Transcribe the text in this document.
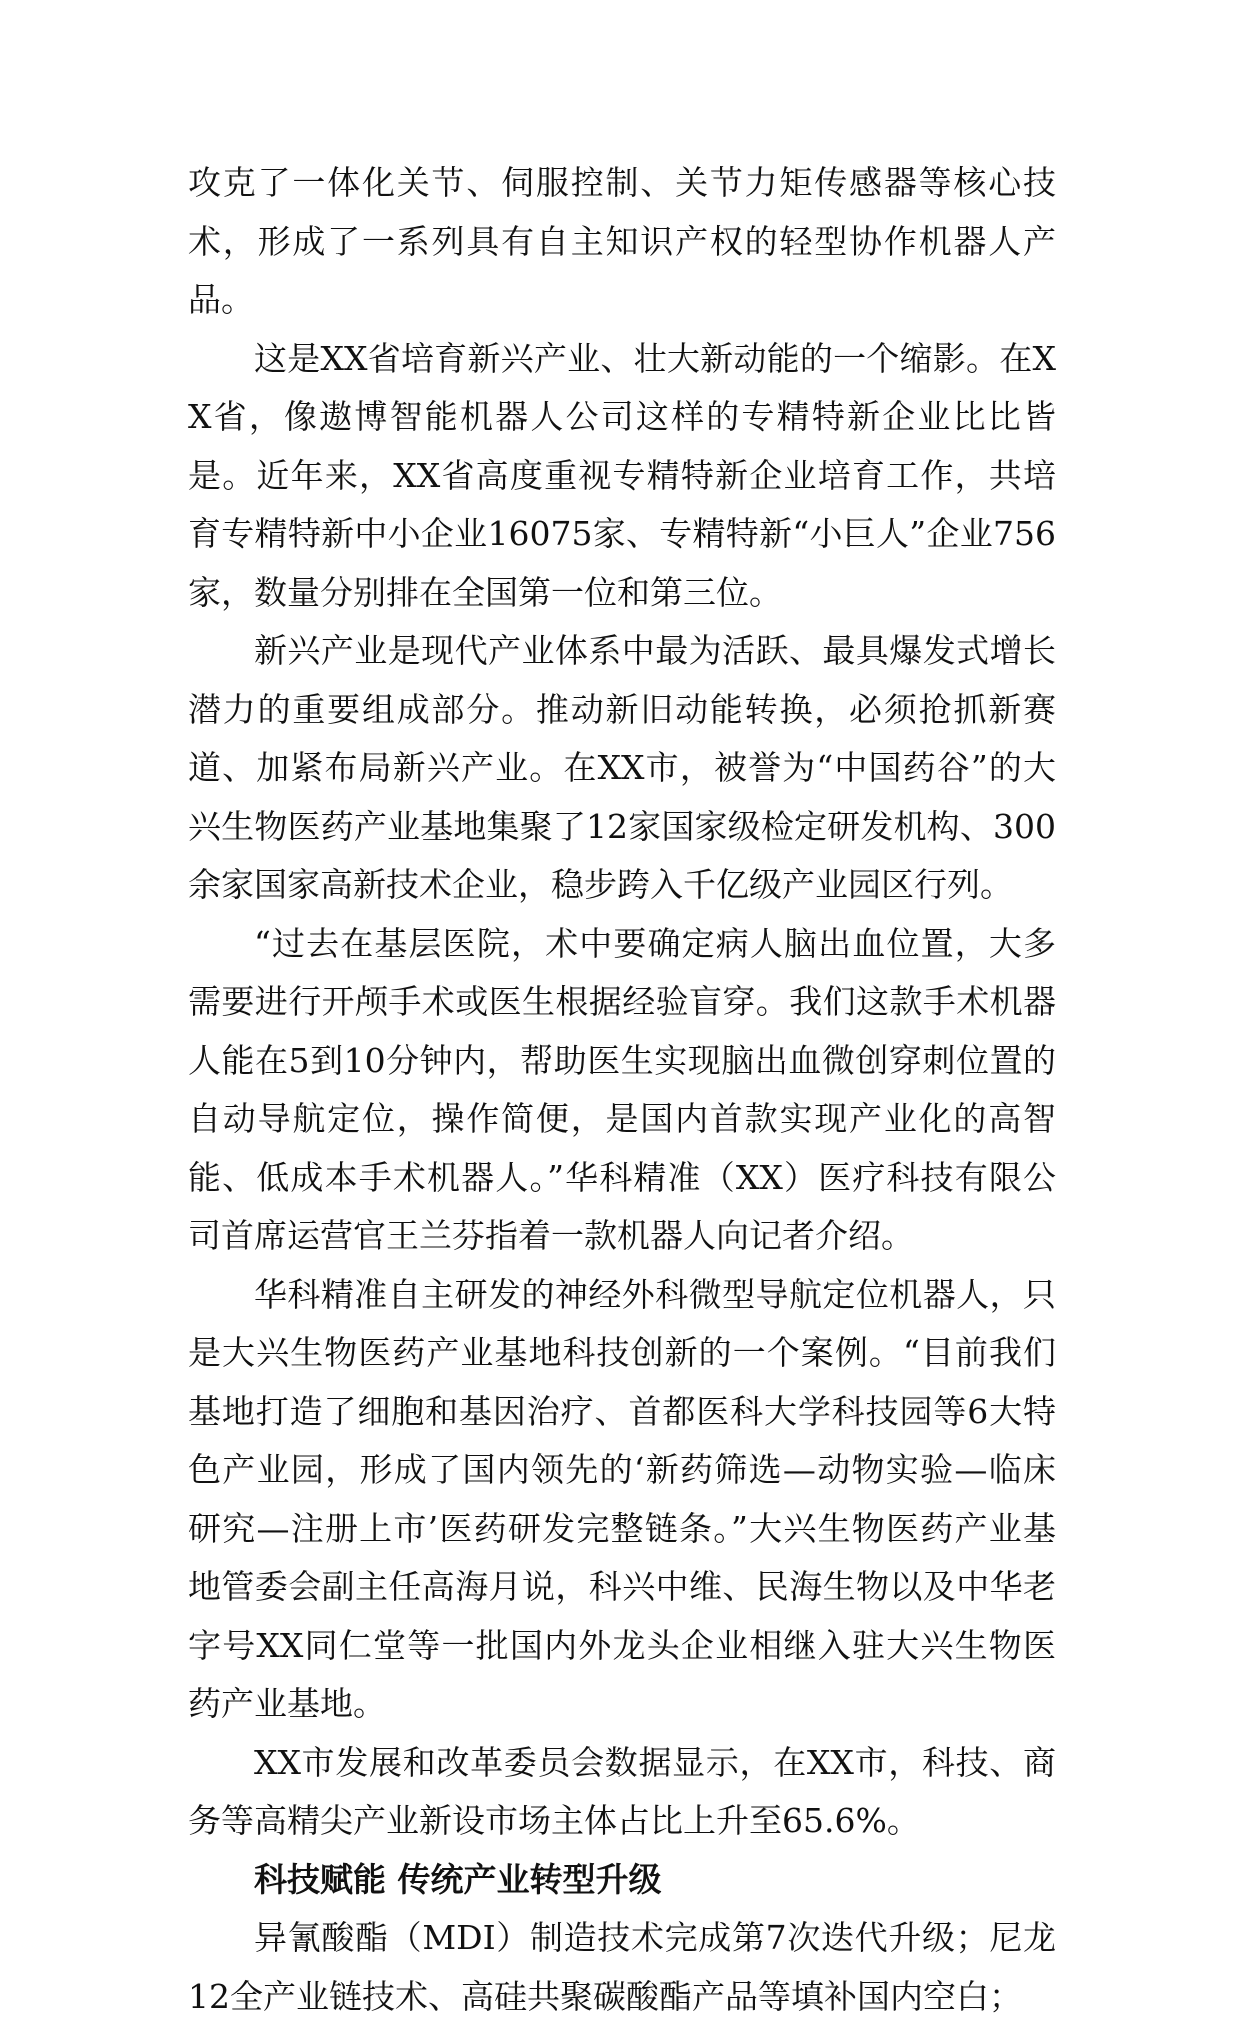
攻克了一体化关节、伺服控制、关节力矩传感器等核心技术，形成了一系列具有自主知识产权的轻型协作机器人产品。

这是XX省培育新兴产业、壮大新动能的一个缩影。在XX省，像遨博智能机器人公司这样的专精特新企业比比皆是。近年来，XX省高度重视专精特新企业培育工作，共培育专精特新中小企业16075家、专精特新“小巨人”企业756家，数量分别排在全国第一位和第三位。

新兴产业是现代产业体系中最为活跃、最具爆发式增长潜力的重要组成部分。推动新旧动能转换，必须抢抓新赛道、加紧布局新兴产业。在XX市，被誉为“中国药谷”的大兴生物医药产业基地集聚了12家国家级检定研发机构、300余家国家高新技术企业，稳步跨入千亿级产业园区行列。

“过去在基层医院，术中要确定病人脑出血位置，大多需要进行开颅手术或医生根据经验盲穿。我们这款手术机器人能在5到10分钟内，帮助医生实现脑出血微创穿刺位置的自动导航定位，操作简便，是国内首款实现产业化的高智能、低成本手术机器人。”华科精准（XX）医疗科技有限公司首席运营官王兰芬指着一款机器人向记者介绍。

华科精准自主研发的神经外科微型导航定位机器人，只是大兴生物医药产业基地科技创新的一个案例。“目前我们基地打造了细胞和基因治疗、首都医科大学科技园等6大特色产业园，形成了国内领先的‘新药筛选—动物实验—临床研究—注册上市’医药研发完整链条。”大兴生物医药产业基地管委会副主任高海月说，科兴中维、民海生物以及中华老字号XX同仁堂等一批国内外龙头企业相继入驻大兴生物医药产业基地。

XX市发展和改革委员会数据显示，在XX市，科技、商务等高精尖产业新设市场主体占比上升至65.6%。

科技赋能 传统产业转型升级

异氰酸酯（MDI）制造技术完成第7次迭代升级；尼龙12全产业链技术、高硅共聚碳酸酯产品等填补国内空白；
